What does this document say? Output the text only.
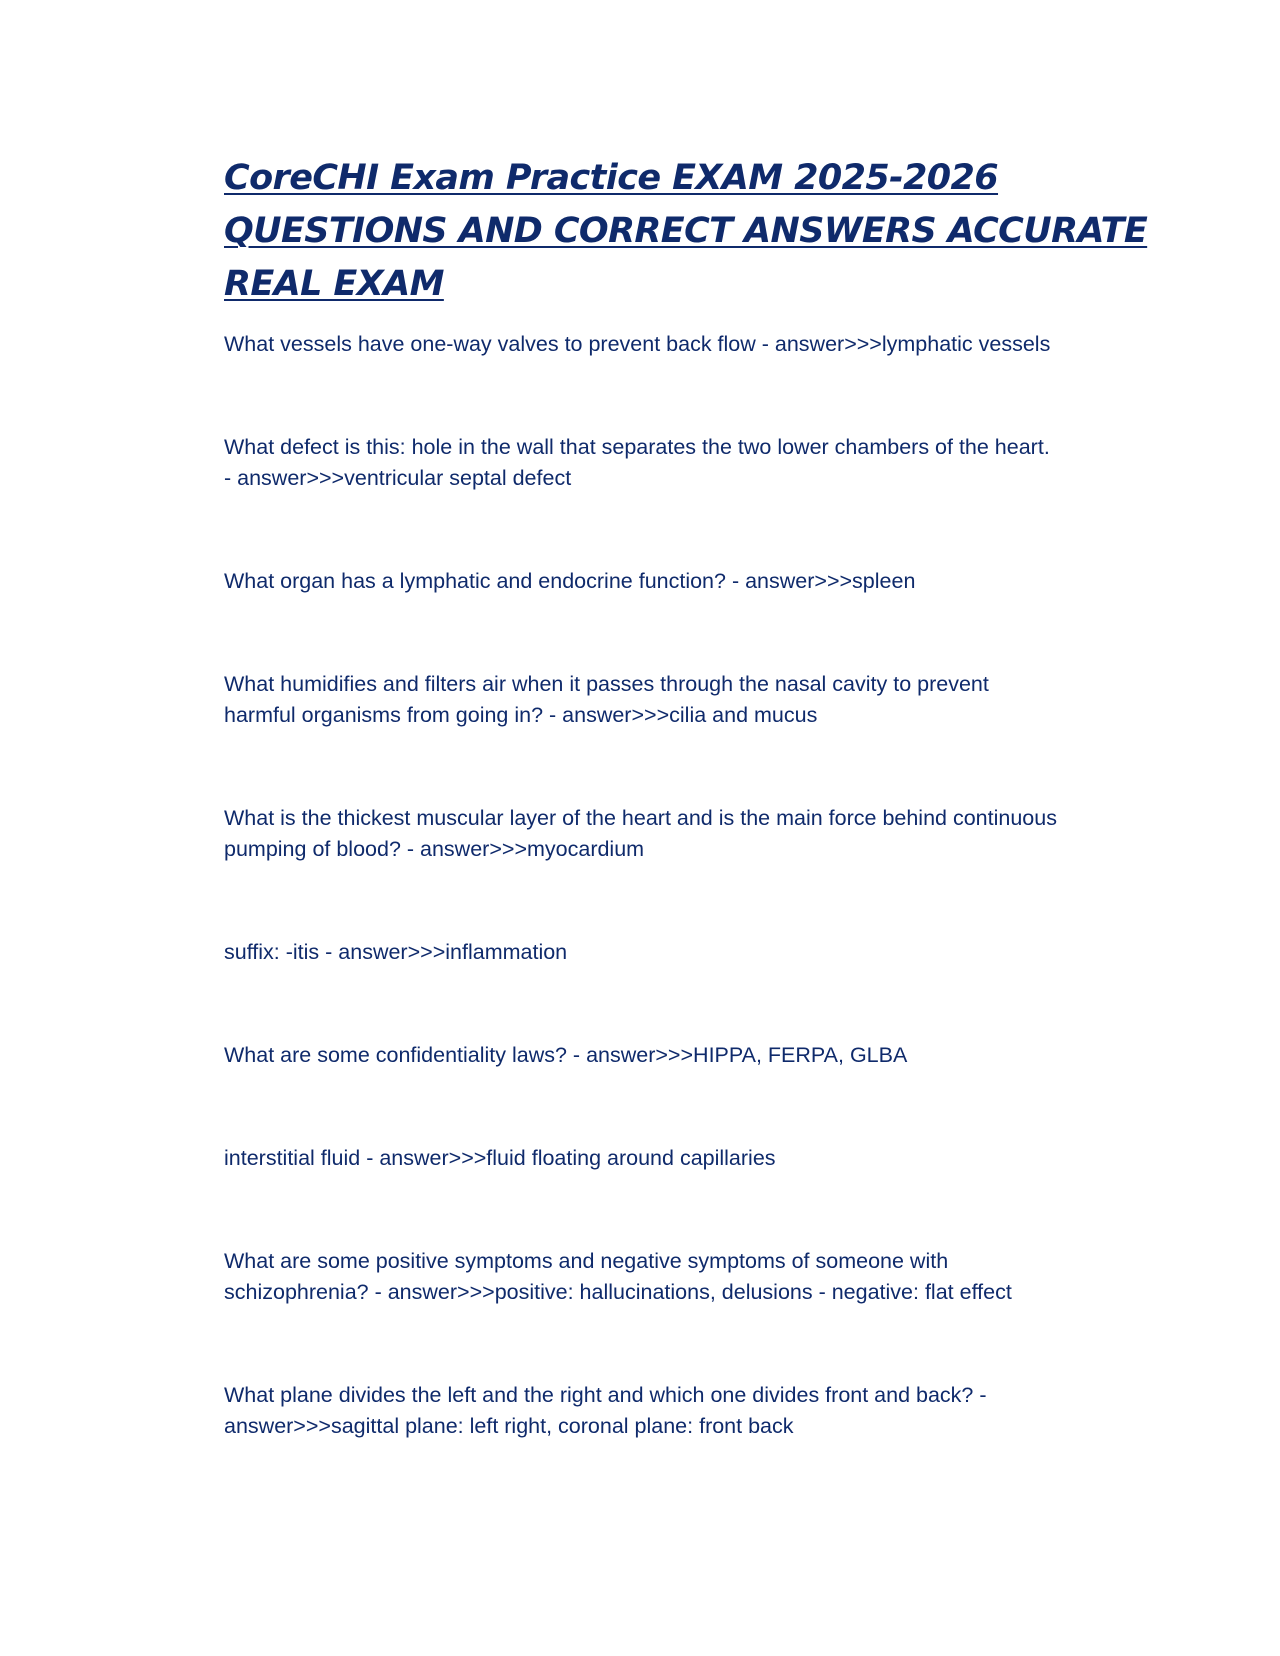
CoreCHI Exam Practice EXAM 2025-2026
QUESTIONS AND CORRECT ANSWERS ACCURATE
REAL EXAM
What vessels have one-way valves to prevent back flow - answer>>>lymphatic vessels
What defect is this: hole in the wall that separates the two lower chambers of the heart.
- answer>>>ventricular septal defect
What organ has a lymphatic and endocrine function? - answer>>>spleen
What humidifies and filters air when it passes through the nasal cavity to prevent
harmful organisms from going in? - answer>>>cilia and mucus
What is the thickest muscular layer of the heart and is the main force behind continuous
pumping of blood? - answer>>>myocardium
suffix: -itis - answer>>>inflammation
What are some confidentiality laws? - answer>>>HIPPA, FERPA, GLBA
interstitial fluid - answer>>>fluid floating around capillaries
What are some positive symptoms and negative symptoms of someone with
schizophrenia? - answer>>>positive: hallucinations, delusions - negative: flat effect
What plane divides the left and the right and which one divides front and back? -
answer>>>sagittal plane: left right, coronal plane: front back
